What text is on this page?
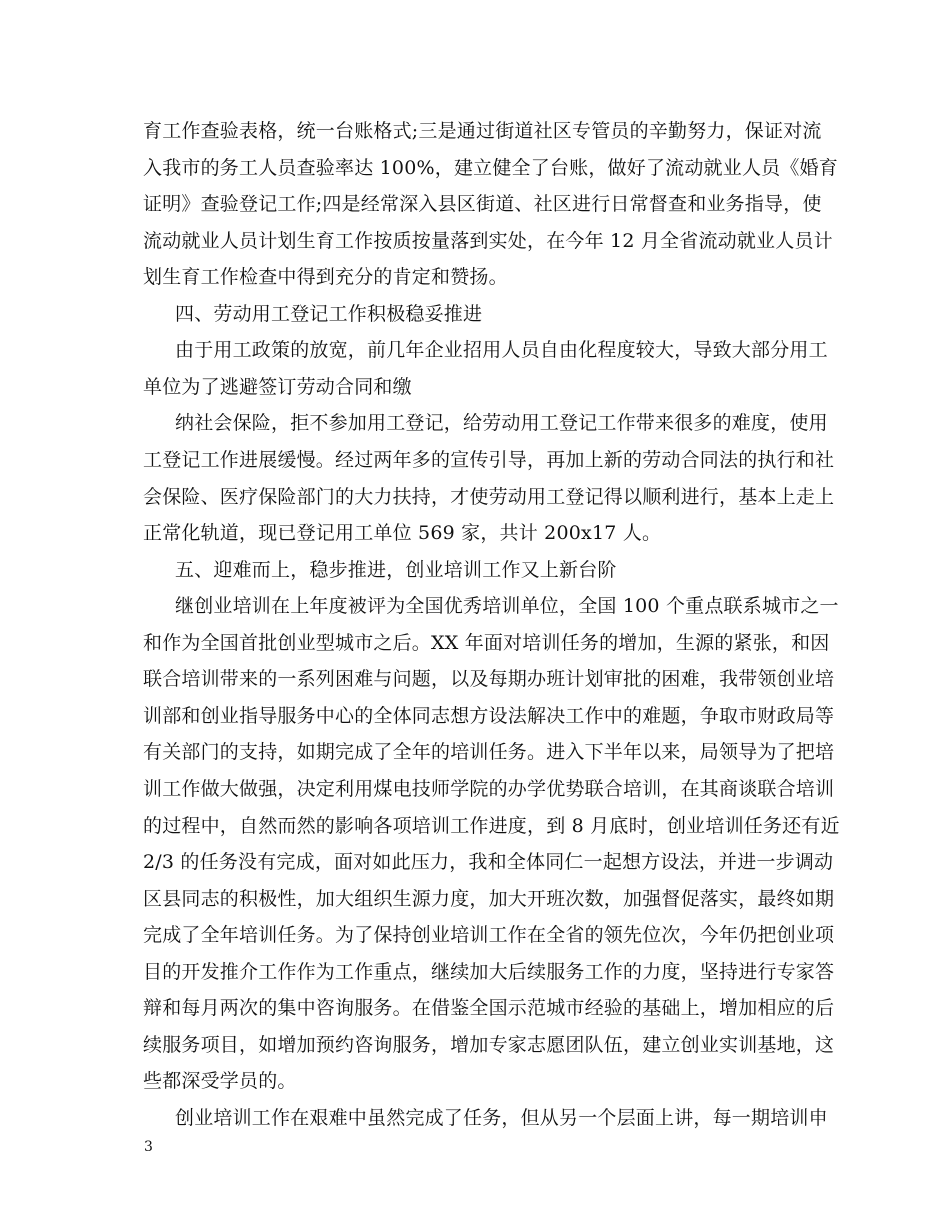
育工作查验表格，统一台账格式;三是通过街道社区专管员的辛勤努力，保证对流
入我市的务工人员查验率达 100%，建立健全了台账，做好了流动就业人员《婚育
证明》查验登记工作;四是经常深入县区街道、社区进行日常督查和业务指导，使
流动就业人员计划生育工作按质按量落到实处，在今年 12 月全省流动就业人员计
划生育工作检查中得到充分的肯定和赞扬。
四、劳动用工登记工作积极稳妥推进
由于用工政策的放宽，前几年企业招用人员自由化程度较大，导致大部分用工
单位为了逃避签订劳动合同和缴
纳社会保险，拒不参加用工登记，给劳动用工登记工作带来很多的难度，使用
工登记工作进展缓慢。经过两年多的宣传引导，再加上新的劳动合同法的执行和社
会保险、医疗保险部门的大力扶持，才使劳动用工登记得以顺利进行，基本上走上
正常化轨道，现已登记用工单位 569 家，共计 200x17 人。
五、迎难而上，稳步推进，创业培训工作又上新台阶
继创业培训在上年度被评为全国优秀培训单位，全国 100 个重点联系城市之一
和作为全国首批创业型城市之后。XX 年面对培训任务的增加，生源的紧张，和因
联合培训带来的一系列困难与问题，以及每期办班计划审批的困难，我带领创业培
训部和创业指导服务中心的全体同志想方设法解决工作中的难题，争取市财政局等
有关部门的支持，如期完成了全年的培训任务。进入下半年以来，局领导为了把培
训工作做大做强，决定利用煤电技师学院的办学优势联合培训，在其商谈联合培训
的过程中，自然而然的影响各项培训工作进度，到 8 月底时，创业培训任务还有近
2/3 的任务没有完成，面对如此压力，我和全体同仁一起想方设法，并进一步调动
区县同志的积极性，加大组织生源力度，加大开班次数，加强督促落实，最终如期
完成了全年培训任务。为了保持创业培训工作在全省的领先位次，今年仍把创业项
目的开发推介工作作为工作重点，继续加大后续服务工作的力度，坚持进行专家答
辩和每月两次的集中咨询服务。在借鉴全国示范城市经验的基础上，增加相应的后
续服务项目，如增加预约咨询服务，增加专家志愿团队伍，建立创业实训基地，这
些都深受学员的。
创业培训工作在艰难中虽然完成了任务，但从另一个层面上讲，每一期培训申
3
